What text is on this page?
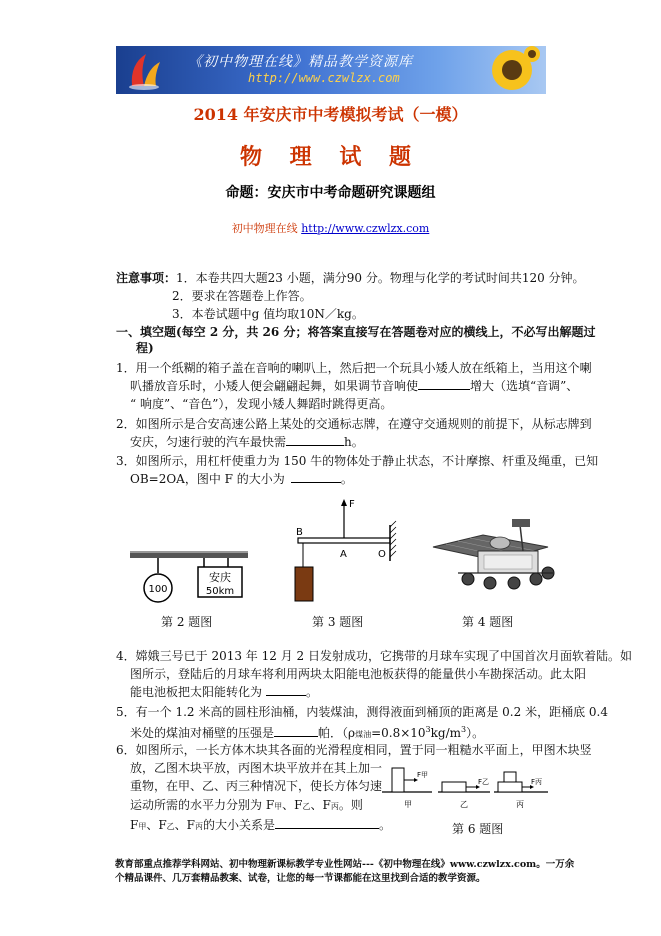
《初中物理在线》精品教学资源库
http://www.czwlzx.com
2014 年安庆市中考模拟考试（一模）
物 理 试 题
命题：安庆市中考命题研究课题组
初中物理在线 http://www.czwlzx.com
注意事项：1．本卷共四大题23 小题，满分90 分。物理与化学的考试时间共120 分钟。
2．要求在答题卷上作答。
3．本卷试题中g 值均取10N／kg。
一、填空题(每空 2 分，共 26 分；将答案直接写在答题卷对应的横线上，不必写出解题过
程)
1．用一个纸糊的箱子盖在音响的喇叭上，然后把一个玩具小矮人放在纸箱上，当用这个喇
叭播放音乐时，小矮人便会翩翩起舞，如果调节音响使	增大（选填“音调”、
“ 响度”、“音色”），发现小矮人舞蹈时跳得更高。
2．如图所示是合安高速公路上某处的交通标志牌，在遵守交通规则的前提下，从标志牌到
安庆，匀速行驶的汽车最快需	h。
3．如图所示，用杠杆使重力为 150 牛的物体处于静止状态，不计摩擦、杆重及绳重，已知
OB=2OA，图中 F 的大小为	。
100
安庆
50km
F
B
A	O
第 2 题图	第 3 题图	第 4 题图
4．嫦娥三号已于 2013 年 12 月 2 日发射成功，它携带的月球车实现了中国首次月面软着陆。如
图所示，登陆后的月球车将利用两块太阳能电池板获得的能量供小车勘探活动。此太阳
能电池板把太阳能转化为	。
5．有一个 1.2 米高的圆柱形油桶，内装煤油，测得液面到桶顶的距离是 0.2 米，距桶底 0.4
米处的煤油对桶壁的压强是	帕．（ρ煤油$=0.8\times 10^3kg/m^3$）。
6．如图所示，一长方体木块其各面的光滑程度相同，置于同一粗糙水平面上，甲图木块竖
放，乙图木块平放，丙图木块平放并在其上加一
重物，在甲、乙、丙三种情况下，使长方体匀速
运动所需的水平力分别为 F甲、F乙、F丙。则
F甲、F乙、F丙的大小关系是	。
F甲
甲
F乙
乙
F丙
丙
第 6 题图
教育部重点推荐学科网站、初中物理新课标教学专业性网站---《初中物理在线》www.czwlzx.com。一万余
个精品课件、几万套精品教案、试卷，让您的每一节课都能在这里找到合适的教学资源。
